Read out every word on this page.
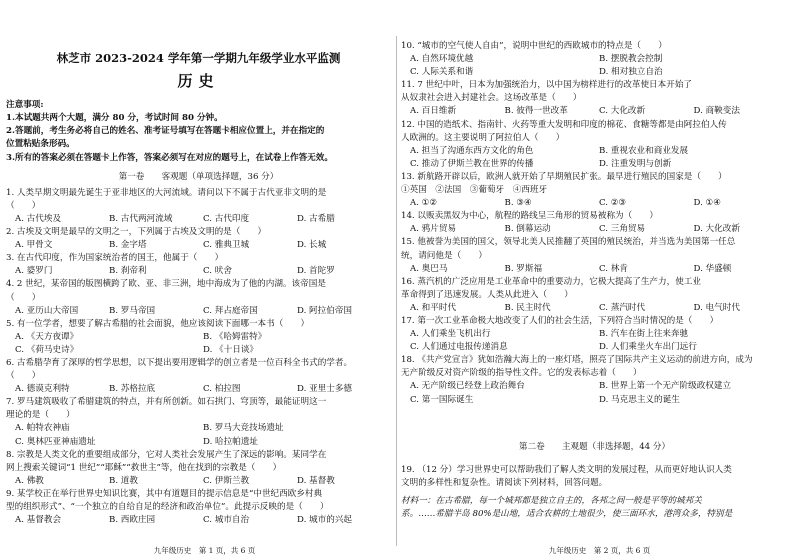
林芝市 2023-2024 学年第一学期九年级学业水平监测
历史
注意事项:
1.本试题共两个大题，满分 80 分，考试时间 80 分钟。
2.答题前，考生务必将自己的姓名、准考证号填写在答题卡相应位置上，并在指定的
位置粘贴条形码。
3.所有的答案必须在答题卡上作答，答案必须写在对应的题号上，在试卷上作答无效。
第一卷　　客观题（单项选择题，36 分）
1. 人类早期文明最先诞生于亚非地区的大河流域。请问以下不属于古代亚非文明的是
（　　）
A. 古代埃及	B. 古代两河流域	C. 古代印度	D. 古希腊
2. 古埃及文明是最早的文明之一，下列属于古埃及文明的是（　　）
A. 甲骨文	B. 金字塔	C. 雅典卫城	D. 长城
3. 在古代印度，作为国家统治者的国王，他属于（　　）
A. 婆罗门	B. 刹帝利	C. 吠舍	D. 首陀罗
4. 2 世纪，某帝国的版图横跨了欧、亚、非三洲，地中海成为了他的内湖。该帝国是
（　　）
A. 亚历山大帝国	B. 罗马帝国	C. 拜占庭帝国	D. 阿拉伯帝国
5. 有一位学者，想要了解古希腊的社会面貌，他应该阅读下面哪一本书（　　）
A. 《天方夜谭》	B. 《哈姆雷特》
C. 《荷马史诗》	D. 《十日谈》
6. 古希腊孕育了深厚的哲学思想，以下提出要用逻辑学的创立者是一位百科全书式的学者。
（　　）
A. 德谟克利特	B. 苏格拉底	C. 柏拉图	D. 亚里士多德
7. 罗马建筑吸收了希腊建筑的特点，并有所创新。如石拱门、穹顶等，最能证明这一
理论的是（　　）
A. 帕特农神庙	B. 罗马大竞技场遗址
C. 奥林匹亚神庙遗址	D. 哈拉帕遗址
8. 宗教是人类文化的重要组成部分，它对人类社会发展产生了深远的影响。某同学在
网上搜索关键词“1 世纪”“耶稣”“救世主”等，他在找到的宗教是（　　）
A. 佛教	B. 道教	C. 伊斯兰教	D. 基督教
9. 某学校正在举行世界史知识比赛，其中有道题目的提示信息是“中世纪西欧乡村典
型的组织形式”、“一个独立的自给自足的经济和政治单位”。此提示反映的是（　　）
A. 基督教会	B. 西欧庄园	C. 城市自治	D. 城市的兴起
九年级历史　第 1 页，共 6 页
10. “城市的空气使人自由”，说明中世纪的西欧城市的特点是（　　）
A. 自然环境优越	B. 摆脱教会控制
C. 人际关系和谐	D. 相对独立自治
11. 7 世纪中叶，日本为加强统治力，以中国为榜样进行的改革使日本开始了
从奴隶社会进入封建社会。这场改革是（　　）
A. 百日维新	B. 彼得一世改革	C. 大化改新	D. 商鞅变法
12. 中国的造纸术、指南针、火药等重大发明和印度的棉花、食糖等都是由阿拉伯人传
人欧洲的。这主要说明了阿拉伯人（　　）
A. 担当了沟通东西方文化的角色	B. 重视农业和商业发展
C. 推动了伊斯兰教在世界的传播	D. 注重发明与创新
13. 新航路开辟以后，欧洲人就开始了早期殖民扩张。最早进行殖民的国家是（　　）
①英国　②法国　③葡萄牙　④西班牙
A. ①②	B. ③④	C. ②③	D. ①④
14. 以贩卖黑奴为中心，航程的路线呈三角形的贸易被称为（　　）
A. 鸦片贸易	B. 倒幕运动	C. 三角贸易	D. 大化改新
15. 他被誉为美国的国父，领导北美人民推翻了英国的殖民统治，并当选为美国第一任总
统，请问他是（　　）
A. 奥巴马	B. 罗斯福	C. 林肯	D. 华盛顿
16. 蒸汽机的广泛应用是工业革命中的重要动力，它极大提高了生产力，使工业
革命得到了迅速发展。人类从此进入（　　）
A. 和平时代	B. 民主时代	C. 蒸汽时代	D. 电气时代
17. 第一次工业革命极大地改变了人们的社会生活，下列符合当时情况的是（　　）
A. 人们乘坐飞机出行	B. 汽车在街上往来奔驰
C. 人们通过电报传递消息	D. 人们乘坐火车出门远行
18. 《共产党宣言》犹如浩瀚大海上的一座灯塔，照亮了国际共产主义运动的前进方向，成为
无产阶级反对资产阶级的指导性文件。它的发表标志着（　　）
A. 无产阶级已经登上政治舞台	B. 世界上第一个无产阶级政权建立
C. 第一国际诞生	D. 马克思主义的诞生
第二卷　　主观题（非选择题，44 分）
19. （12 分）学习世界史可以帮助我们了解人类文明的发展过程，从而更好地认识人类
文明的多样性和复杂性。请阅读下列材料，回答问题。
材料一：在古希腊，每一个城邦都是独立自主的，各邦之间一般是平等的城邦关
系。……希腊半岛 80%是山地，适合农耕的土地很少，使三面环水，港湾众多，特别是
九年级历史　第 2 页，共 6 页
